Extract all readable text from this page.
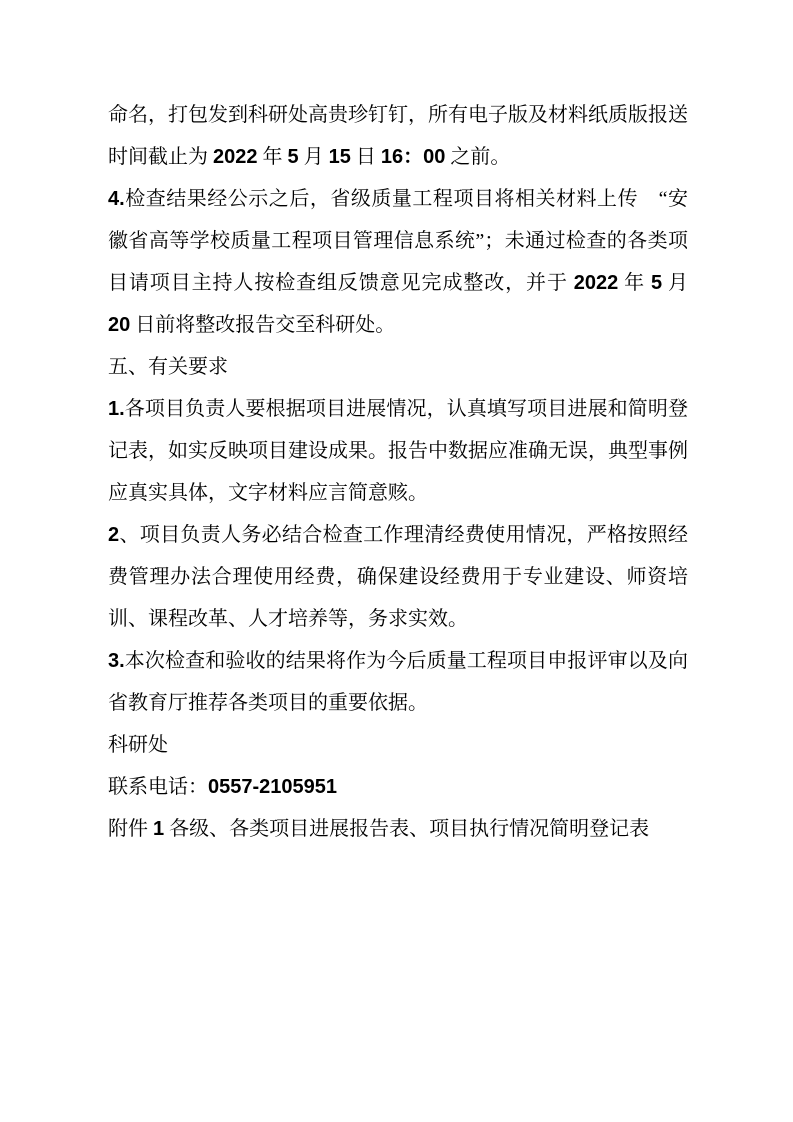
命名，打包发到科研处高贵珍钉钉，所有电子版及材料纸质版报送时间截止为 2022 年 5 月 15 日 16：00 之前。

4.检查结果经公示之后，省级质量工程项目将相关材料上传　“安徽省高等学校质量工程项目管理信息系统”；未通过检查的各类项目请项目主持人按检查组反馈意见完成整改，并于 2022 年 5 月 20 日前将整改报告交至科研处。

五、有关要求

1.各项目负责人要根据项目进展情况，认真填写项目进展和简明登记表，如实反映项目建设成果。报告中数据应准确无误，典型事例应真实具体，文字材料应言简意赅。

2、项目负责人务必结合检查工作理清经费使用情况，严格按照经费管理办法合理使用经费，确保建设经费用于专业建设、师资培训、课程改革、人才培养等，务求实效。

3.本次检查和验收的结果将作为今后质量工程项目申报评审以及向省教育厅推荐各类项目的重要依据。

科研处

联系电话：0557-2105951

附件 1 各级、各类项目进展报告表、项目执行情况简明登记表
